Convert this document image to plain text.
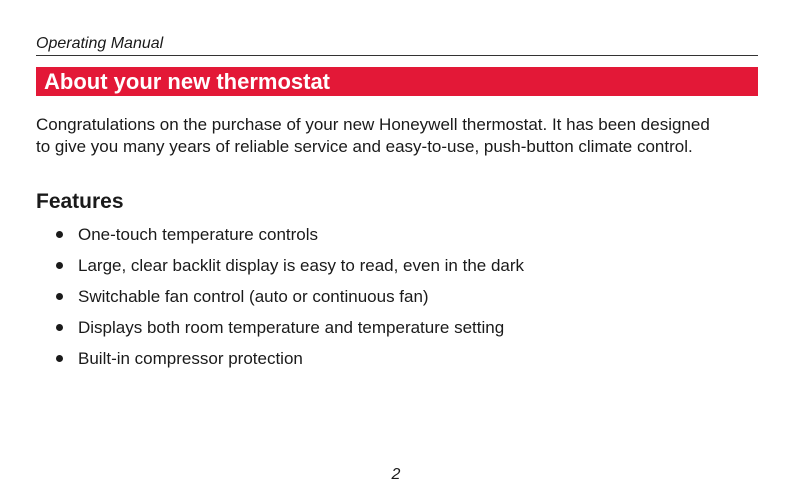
Operating Manual
About your new thermostat

Congratulations on the purchase of your new Honeywell thermostat. It has been designed to give you many years of reliable service and easy-to-use, push-button climate control.

Features
One-touch temperature controls
Large, clear backlit display is easy to read, even in the dark
Switchable fan control (auto or continuous fan)
Displays both room temperature and temperature setting
Built-in compressor protection
2
